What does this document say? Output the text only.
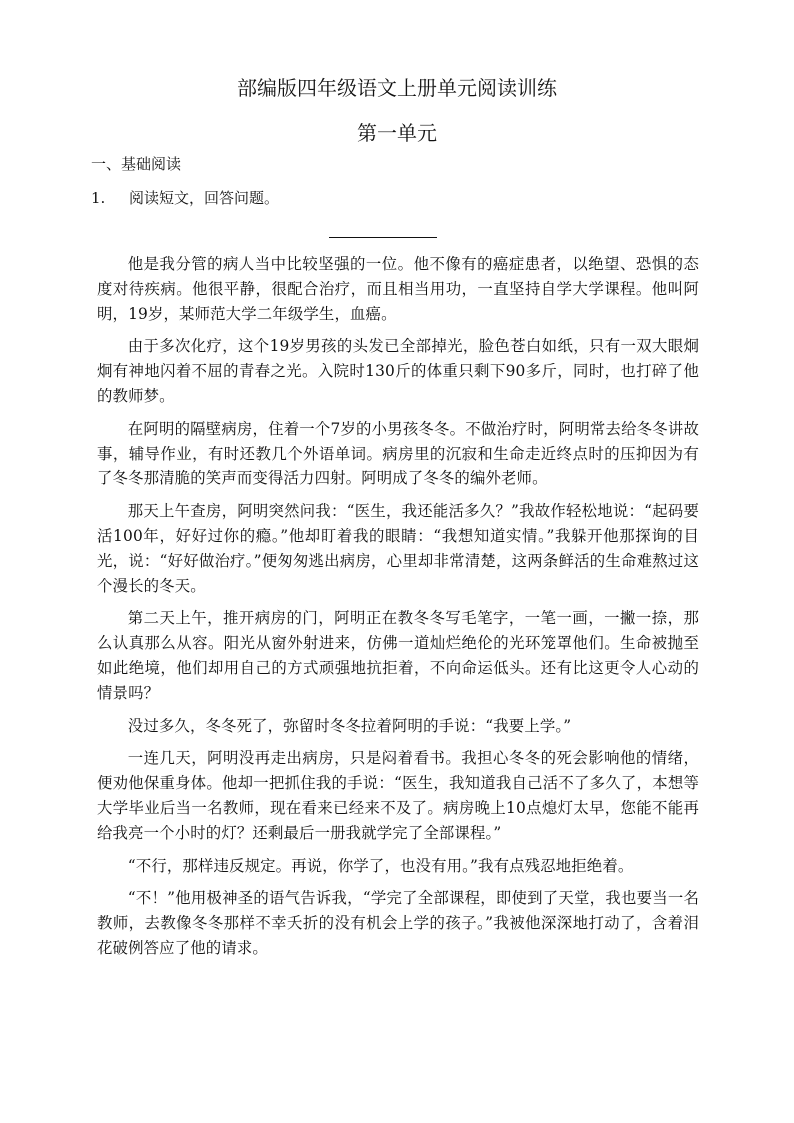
部编版四年级语文上册单元阅读训练
第一单元
一、基础阅读
1. 阅读短文，回答问题。

他是我分管的病人当中比较坚强的一位。他不像有的癌症患者，以绝望、恐惧的态度对待疾病。他很平静，很配合治疗，而且相当用功，一直坚持自学大学课程。他叫阿明，19岁，某师范大学二年级学生，血癌。

由于多次化疗，这个19岁男孩的头发已全部掉光，脸色苍白如纸，只有一双大眼炯炯有神地闪着不屈的青春之光。入院时130斤的体重只剩下90多斤，同时，也打碎了他的教师梦。

在阿明的隔壁病房，住着一个7岁的小男孩冬冬。不做治疗时，阿明常去给冬冬讲故事，辅导作业，有时还教几个外语单词。病房里的沉寂和生命走近终点时的压抑因为有了冬冬那清脆的笑声而变得活力四射。阿明成了冬冬的编外老师。

那天上午查房，阿明突然问我：“医生，我还能活多久？”我故作轻松地说：“起码要活100年，好好过你的瘾。”他却盯着我的眼睛：“我想知道实情。”我躲开他那探询的目光，说：“好好做治疗。”便匆匆逃出病房，心里却非常清楚，这两条鲜活的生命难熬过这个漫长的冬天。

第二天上午，推开病房的门，阿明正在教冬冬写毛笔字，一笔一画，一撇一捺，那么认真那么从容。阳光从窗外射进来，仿佛一道灿烂绝伦的光环笼罩他们。生命被抛至如此绝境，他们却用自己的方式顽强地抗拒着，不向命运低头。还有比这更令人心动的情景吗？

没过多久，冬冬死了，弥留时冬冬拉着阿明的手说：“我要上学。”

一连几天，阿明没再走出病房，只是闷着看书。我担心冬冬的死会影响他的情绪，便劝他保重身体。他却一把抓住我的手说：“医生，我知道我自己活不了多久了，本想等大学毕业后当一名教师，现在看来已经来不及了。病房晚上10点熄灯太早，您能不能再给我亮一个小时的灯？还剩最后一册我就学完了全部课程。”

“不行，那样违反规定。再说，你学了，也没有用。”我有点残忍地拒绝着。

“不！”他用极神圣的语气告诉我，“学完了全部课程，即使到了天堂，我也要当一名教师，去教像冬冬那样不幸夭折的没有机会上学的孩子。”我被他深深地打动了，含着泪花破例答应了他的请求。
